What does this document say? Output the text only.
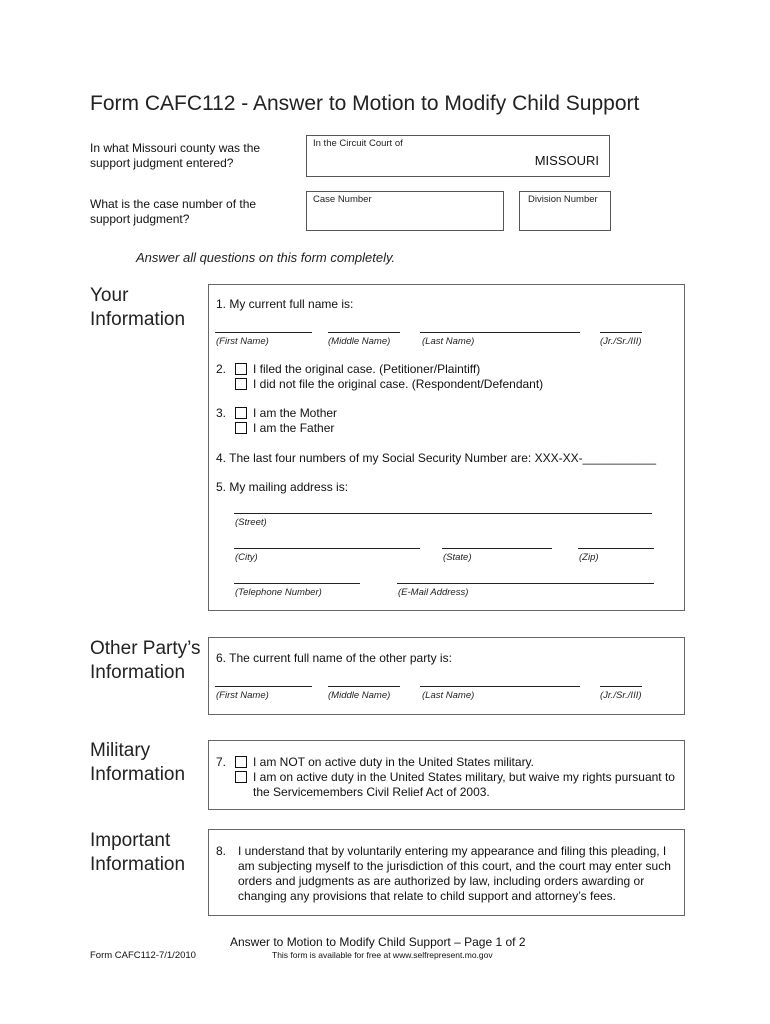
Form CAFC112 - Answer to Motion to Modify Child Support
In what Missouri county was the support judgment entered?
In the Circuit Court of
MISSOURI
What is the case number of the support judgment?
Case Number	Division Number
Answer all questions on this form completely.
Your
Information
1. My current full name is:
(First Name)	(Middle Name)	(Last Name)	(Jr./Sr./III)
2. I filed the original case. (Petitioner/Plaintiff)
I did not file the original case. (Respondent/Defendant)
3. I am the Mother
I am the Father
4. The last four numbers of my Social Security Number are: XXX-XX-___________
5. My mailing address is:
(Street)
(City)	(State)	(Zip)
(Telephone Number)	(E-Mail Address)
Other Party’s
Information
6. The current full name of the other party is:
(First Name)	(Middle Name)	(Last Name)	(Jr./Sr./III)
Military
Information
7. I am NOT on active duty in the United States military.
I am on active duty in the United States military, but waive my rights pursuant to
the Servicemembers Civil Relief Act of 2003.
Important
Information
8. I understand that by voluntarily entering my appearance and filing this pleading, I am subjecting myself to the jurisdiction of this court, and the court may enter such orders and judgments as are authorized by law, including orders awarding or changing any provisions that relate to child support and attorney’s fees.
Answer to Motion to Modify Child Support – Page 1 of 2
Form CAFC112-7/1/2010	This form is available for free at www.selfrepresent.mo.gov
